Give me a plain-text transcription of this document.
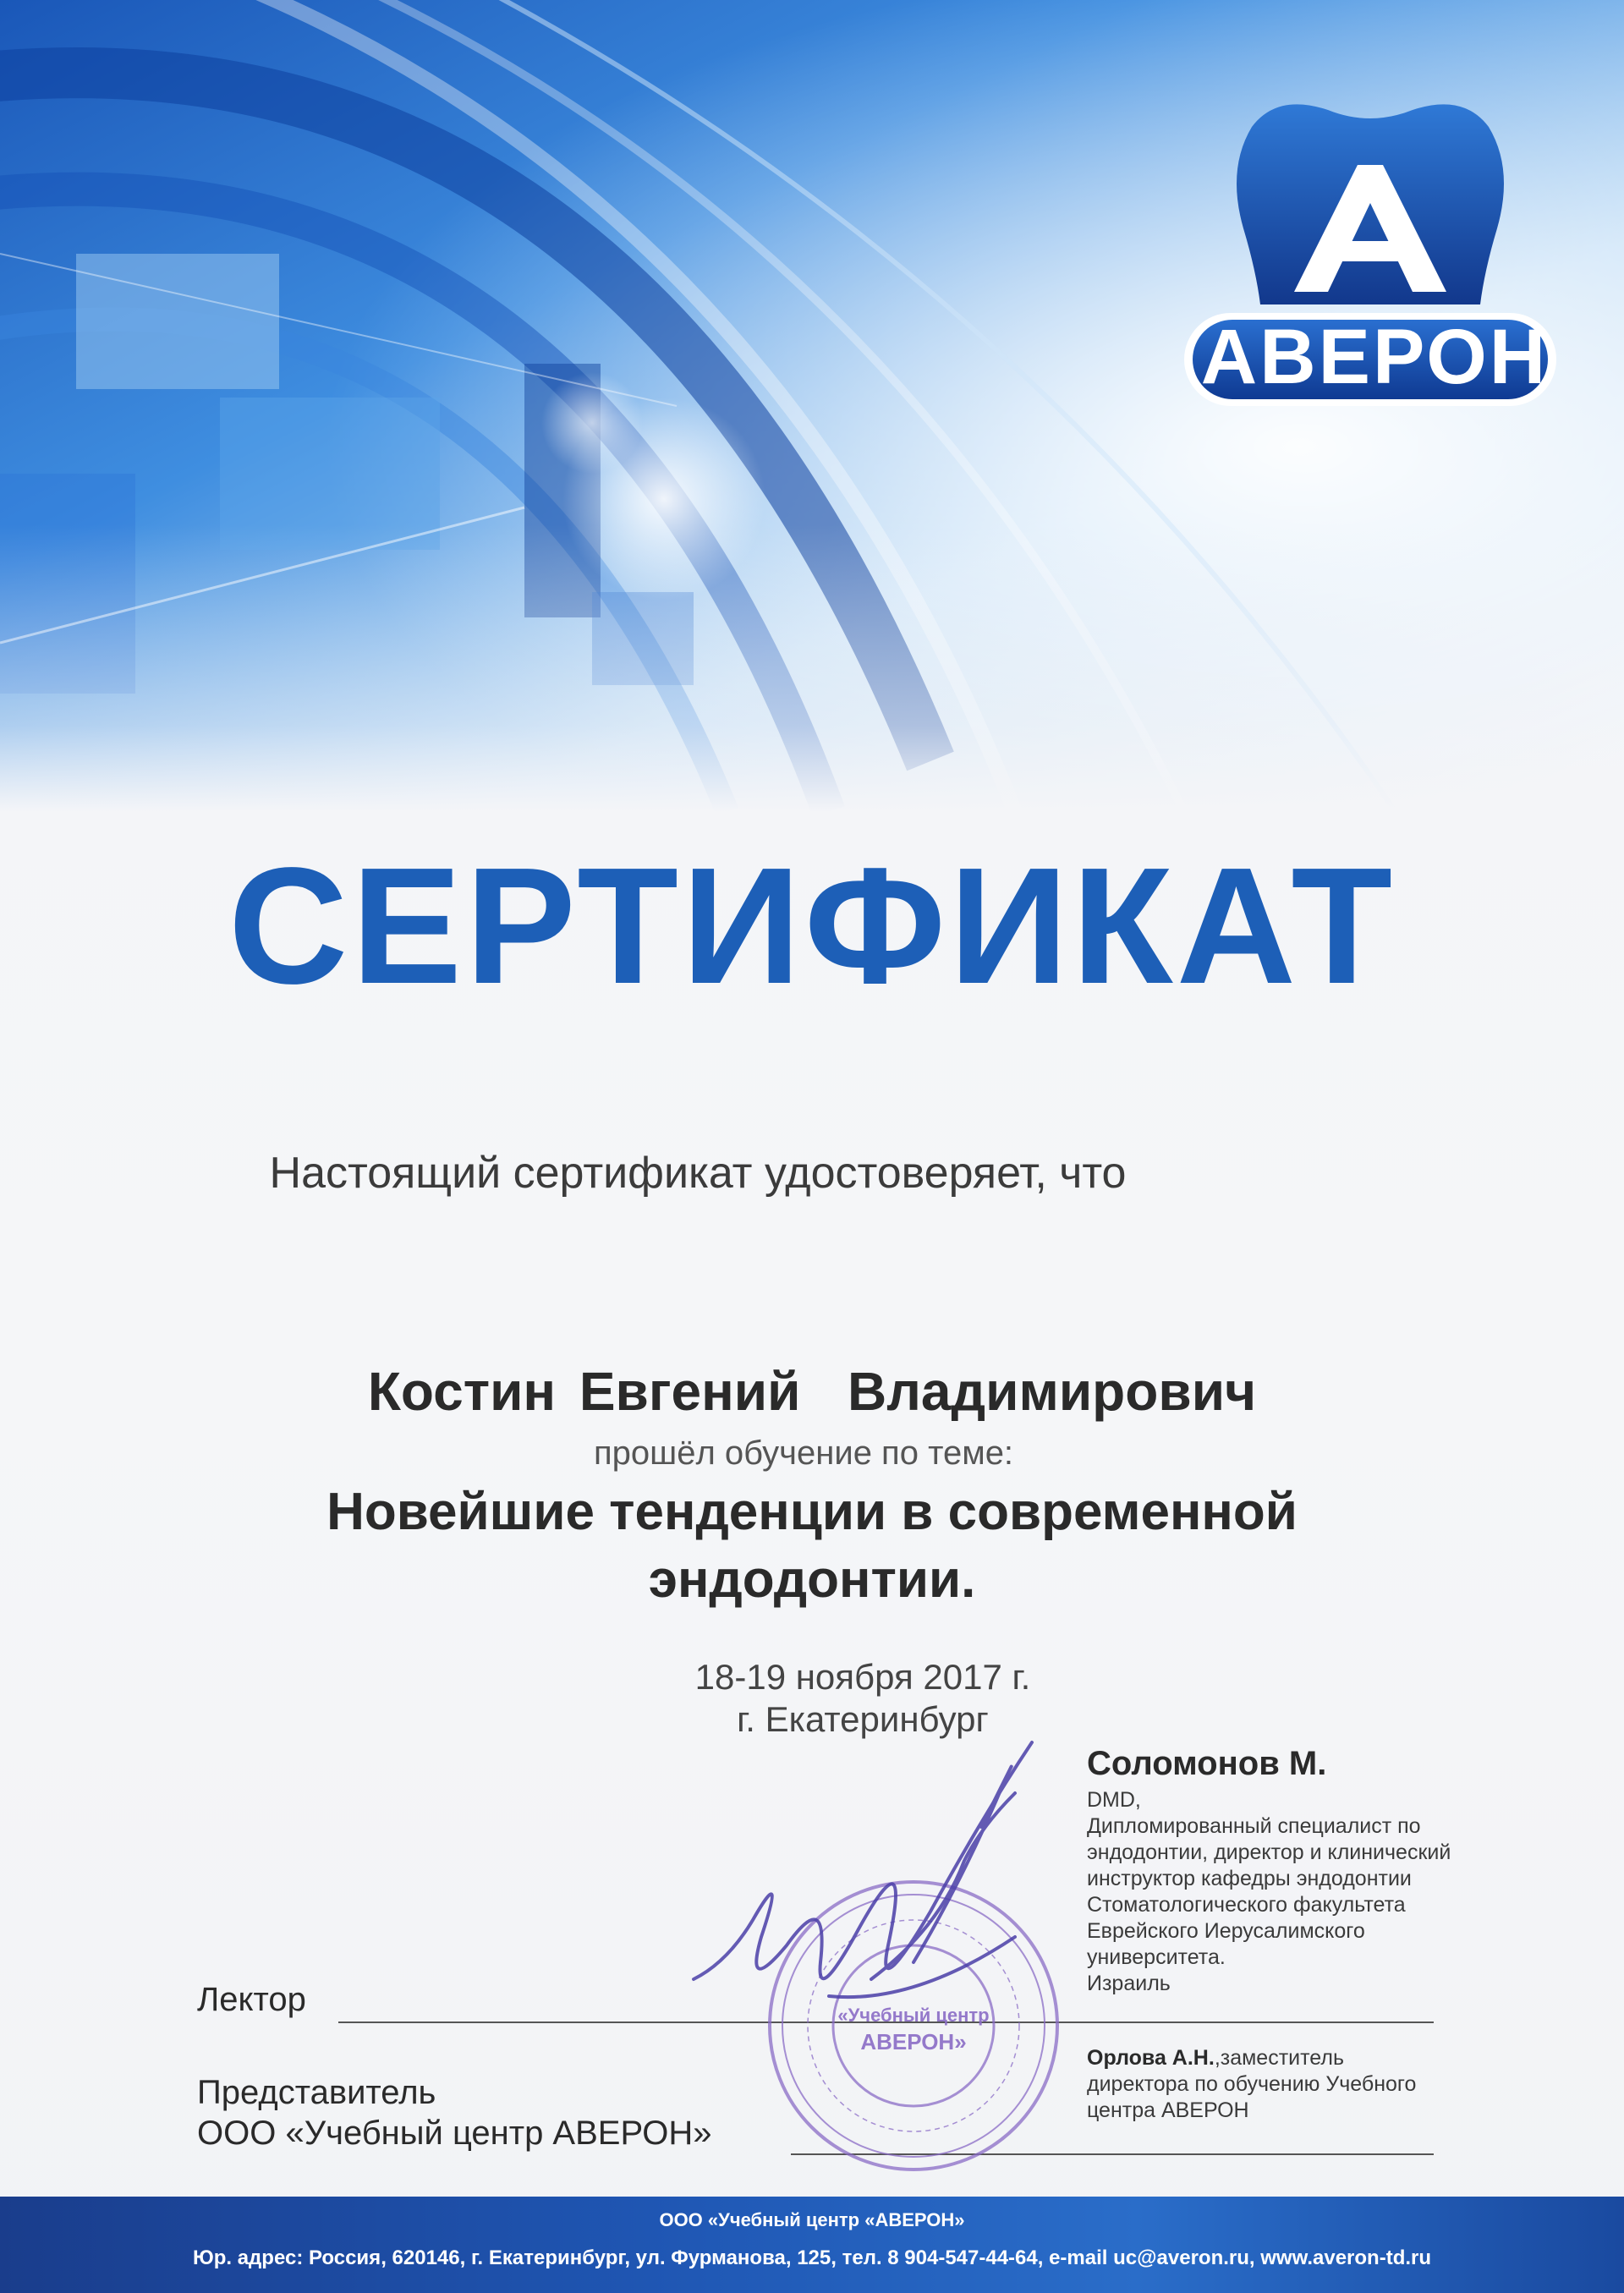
АВЕРОН
СЕРТИФИКАТ
Настоящий сертификат удостоверяет, что
Костин Евгений  Владимирович
прошёл обучение по теме:
Новейшие тенденции в современной
эндодонтии.
18-19 ноября 2017 г.
г. Екатеринбург
Соломонов М.
DMD,
Дипломированный специалист по
эндодонтии, директор и клинический
инструктор кафедры эндодонтии
Стоматологического факультета
Еврейского Иерусалимского
университета.
Израиль
Лектор
Представитель
ООО «Учебный центр АВЕРОН»
Орлова А.Н.,заместитель
директора по обучению Учебного
центра АВЕРОН
«Учебный центр
АВЕРОН»
ООО «Учебный центр «АВЕРОН»
Юр. адрес: Россия, 620146, г. Екатеринбург, ул. Фурманова, 125, тел. 8 904-547-44-64, e-mail uc@averon.ru, www.averon-td.ru
